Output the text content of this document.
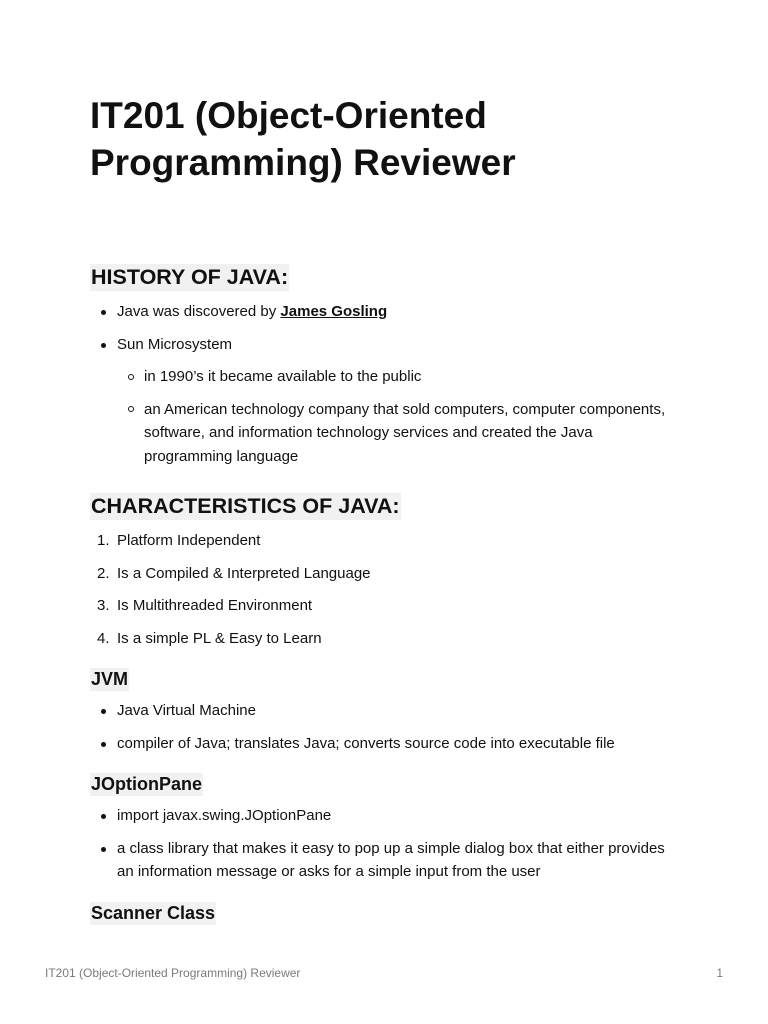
IT201 (Object-Oriented Programming) Reviewer
HISTORY OF JAVA:
Java was discovered by James Gosling
Sun Microsystem
in 1990’s it became available to the public
an American technology company that sold computers, computer components, software, and information technology services and created the Java programming language
CHARACTERISTICS OF JAVA:
1. Platform Independent
2. Is a Compiled & Interpreted Language
3. Is Multithreaded Environment
4. Is a simple PL & Easy to Learn
JVM
Java Virtual Machine
compiler of Java; translates Java; converts source code into executable file
JOptionPane
import javax.swing.JOptionPane
a class library that makes it easy to pop up a simple dialog box that either provides an information message or asks for a simple input from the user
Scanner Class
IT201 (Object-Oriented Programming) Reviewer	1
